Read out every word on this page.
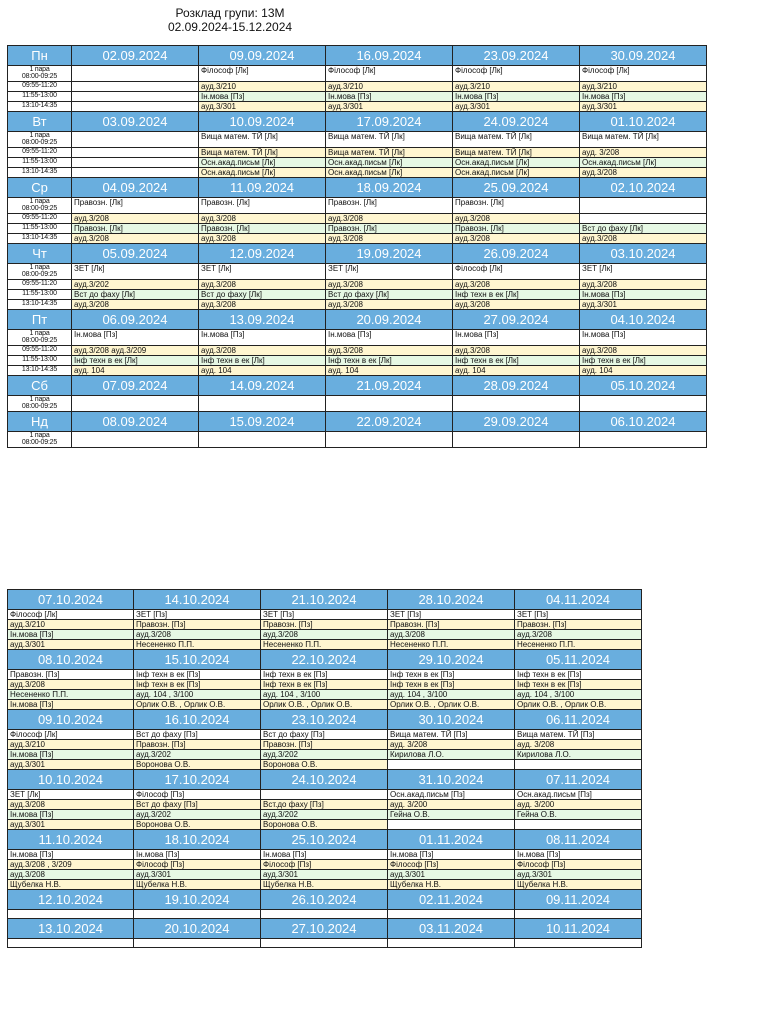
Розклад групи: 13М
02.09.2024-15.12.2024
Пн	02.09.2024	09.09.2024	16.09.2024	23.09.2024	30.09.2024

1 пара
08:00-09:25		Філософ [Лк]	Філософ [Лк]	Філософ [Лк]	Філософ [Лк]

09:55-11:20		ауд.3/210	ауд.3/210	ауд.3/210	ауд.3/210

11:55-13:00		Ін.мова [Пз]	Ін.мова [Пз]	Ін.мова [Пз]	Ін.мова [Пз]

13:10-14:35		ауд.3/301	ауд.3/301	ауд.3/301	ауд.3/301

Вт	03.09.2024	10.09.2024	17.09.2024	24.09.2024	01.10.2024

1 пара
08:00-09:25		Вища матем. ТЙ [Лк]	Вища матем. ТЙ [Лк]	Вища матем. ТЙ [Лк]	Вища матем. ТЙ [Лк]

09:55-11:20		Вища матем. ТЙ [Лк]	Вища матем. ТЙ [Лк]	Вища матем. ТЙ [Лк]	ауд. 3/208

11:55-13:00		Осн.акад.письм [Лк]	Осн.акад.письм [Лк]	Осн.акад.письм [Лк]	Осн.акад.письм [Лк]

13:10-14:35		Осн.акад.письм [Лк]	Осн.акад.письм [Лк]	Осн.акад.письм [Лк]	ауд.3/208

Ср	04.09.2024	11.09.2024	18.09.2024	25.09.2024	02.10.2024

1 пара
08:00-09:25	Правозн. [Лк]	Правозн. [Лк]	Правозн. [Лк]	Правозн. [Лк]	

09:55-11:20	ауд.3/208	ауд.3/208	ауд.3/208	ауд.3/208	

11:55-13:00	Правозн. [Лк]	Правозн. [Лк]	Правозн. [Лк]	Правозн. [Лк]	Вст до фаху [Лк]

13:10-14:35	ауд.3/208	ауд.3/208	ауд.3/208	ауд.3/208	ауд.3/208

Чт	05.09.2024	12.09.2024	19.09.2024	26.09.2024	03.10.2024

1 пара
08:00-09:25	ЗЕТ [Лк]	ЗЕТ [Лк]	ЗЕТ [Лк]	Філософ [Лк]	ЗЕТ [Лк]

09:55-11:20	ауд.3/202	ауд.3/208	ауд.3/208	ауд.3/208	ауд.3/208

11:55-13:00	Вст до фаху [Лк]	Вст до фаху [Лк]	Вст до фаху [Лк]	Інф техн в ек [Лк]	Ін.мова [Пз]

13:10-14:35	ауд.3/208	ауд.3/208	ауд.3/208	ауд.3/208	ауд.3/301

Пт	06.09.2024	13.09.2024	20.09.2024	27.09.2024	04.10.2024

1 пара
08:00-09:25	Ін.мова [Пз]	Ін.мова [Пз]	Ін.мова [Пз]	Ін.мова [Пз]	Ін.мова [Пз]

09:55-11:20	ауд.3/208 ауд.3/209	ауд.3/208	ауд.3/208	ауд.3/208	ауд.3/208

11:55-13:00	Інф техн в ек [Лк]	Інф техн в ек [Лк]	Інф техн в ек [Лк]	Інф техн в ек [Лк]	Інф техн в ек [Лк]

13:10-14:35	ауд. 104	ауд. 104	ауд. 104	ауд. 104	ауд. 104

Сб	07.09.2024	14.09.2024	21.09.2024	28.09.2024	05.10.2024

1 пара
08:00-09:25					

Нд	08.09.2024	15.09.2024	22.09.2024	29.09.2024	06.10.2024

1 пара
08:00-09:25					

07.10.2024	14.10.2024	21.10.2024	28.10.2024	04.11.2024

Філософ [Лк]	ЗЕТ [Пз]	ЗЕТ [Пз]	ЗЕТ [Пз]	ЗЕТ [Пз]

ауд.3/210	Правозн. [Пз]	Правозн. [Пз]	Правозн. [Пз]	Правозн. [Пз]

Ін.мова [Пз]	ауд.3/208	ауд.3/208	ауд.3/208	ауд.3/208

ауд.3/301	Несененко П.П.	Несененко П.П.	Несененко П.П.	Несененко П.П.

08.10.2024	15.10.2024	22.10.2024	29.10.2024	05.11.2024

Правозн. [Пз]	Інф техн в ек [Пз]	Інф техн в ек [Пз]	Інф техн в ек [Пз]	Інф техн в ек [Пз]

ауд.3/208	Інф техн в ек [Пз]	Інф техн в ек [Пз]	Інф техн в ек [Пз]	Інф техн в ек [Пз]

Несененко П.П.	ауд. 104 , 3/100	ауд. 104 , 3/100	ауд. 104 , 3/100	ауд. 104 , 3/100

Ін.мова [Пз]	Орлик О.В. , Орлик О.В.	Орлик О.В. , Орлик О.В.	Орлик О.В. , Орлик О.В.	Орлик О.В. , Орлик О.В.

09.10.2024	16.10.2024	23.10.2024	30.10.2024	06.11.2024

Філософ [Лк]	Вст до фаху [Пз]	Вст до фаху [Пз]	Вища матем. ТЙ [Пз]	Вища матем. ТЙ [Пз]

ауд.3/210	Правозн. [Пз]	Правозн. [Пз]	ауд. 3/208	ауд. 3/208

Ін.мова [Пз]	ауд.3/202	ауд.3/202	Кирилова Л.О.	Кирилова Л.О.

ауд.3/301	Воронова О.В.	Воронова О.В.		

10.10.2024	17.10.2024	24.10.2024	31.10.2024	07.11.2024

ЗЕТ [Лк]	Філософ [Пз]		Осн.акад.письм [Пз]	Осн.акад.письм [Пз]

ауд.3/208	Вст до фаху [Пз]	Вст.до фаху [Пз]	ауд. 3/200	ауд. 3/200

Ін.мова [Пз]	ауд.3/202	ауд.3/202	Гейна О.В.	Гейна О.В.

ауд.3/301	Воронова О.В.	Воронова О.В.		

11.10.2024	18.10.2024	25.10.2024	01.11.2024	08.11.2024

Ін.мова [Пз]	Ін.мова [Пз]	Ін.мова [Пз]	Ін.мова [Пз]	Ін.мова [Пз]

ауд.3/208 , 3/209	Філософ [Пз]	Філософ [Пз]	Філософ [Пз]	Філософ [Пз]

ауд.3/208	ауд.3/301	ауд.3/301	ауд.3/301	ауд.3/301

Щубелка Н.В.	Щубелка Н.В.	Щубелка Н.В.	Щубелка Н.В.	Щубелка Н.В.

12.10.2024	19.10.2024	26.10.2024	02.11.2024	09.11.2024

13.10.2024	20.10.2024	27.10.2024	03.11.2024	10.11.2024
